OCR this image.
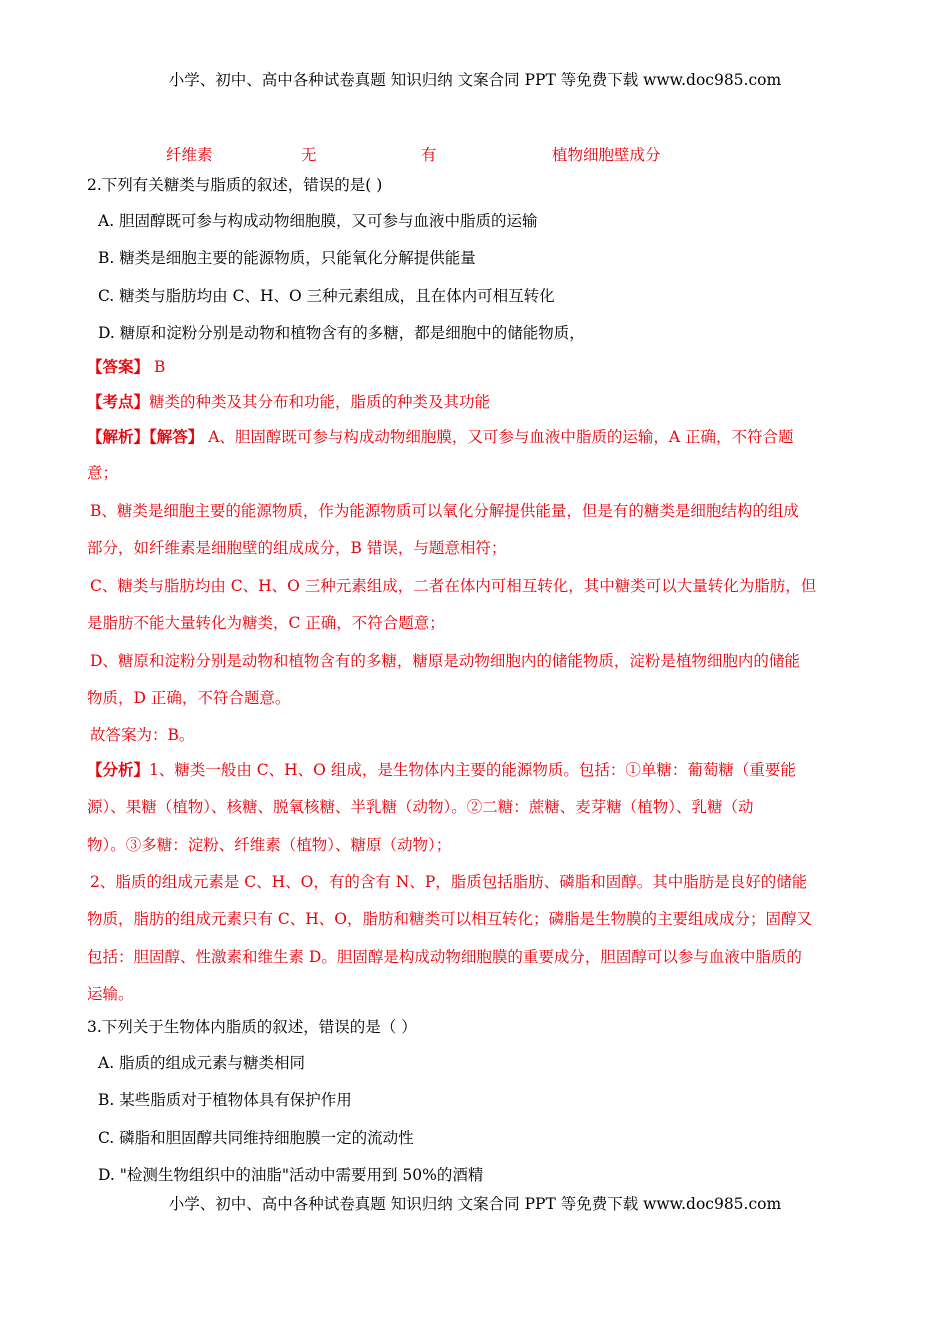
小学、初中、高中各种试卷真题 知识归纳 文案合同 PPT 等免费下载 www.doc985.com
纤维素	无	有	植物细胞壁成分
2.下列有关糖类与脂质的叙述，错误的是( )
A. 胆固醇既可参与构成动物细胞膜，又可参与血液中脂质的运输
B. 糖类是细胞主要的能源物质，只能氧化分解提供能量
C. 糖类与脂肪均由 C、H、O 三种元素组成，且在体内可相互转化
D. 糖原和淀粉分别是动物和植物含有的多糖，都是细胞中的储能物质，
【答案】 B
【考点】糖类的种类及其分布和功能，脂质的种类及其功能
【解析】【解答】 A、胆固醇既可参与构成动物细胞膜，又可参与血液中脂质的运输，A 正确，不符合题
意；
B、糖类是细胞主要的能源物质，作为能源物质可以氧化分解提供能量，但是有的糖类是细胞结构的组成
部分，如纤维素是细胞壁的组成成分，B 错误，与题意相符；
C、糖类与脂肪均由 C、H、O 三种元素组成，二者在体内可相互转化，其中糖类可以大量转化为脂肪，但
是脂肪不能大量转化为糖类，C 正确，不符合题意；
D、糖原和淀粉分别是动物和植物含有的多糖，糖原是动物细胞内的储能物质，淀粉是植物细胞内的储能
物质，D 正确，不符合题意。
故答案为：B。
【分析】1、糖类一般由 C、H、O 组成，是生物体内主要的能源物质。包括：①单糖：葡萄糖（重要能
源）、果糖（植物）、核糖、脱氧核糖、半乳糖（动物）。②二糖：蔗糖、麦芽糖（植物）、乳糖（动
物）。③多糖：淀粉、纤维素（植物）、糖原（动物）；
2、脂质的组成元素是 C、H、O，有的含有 N、P，脂质包括脂肪、磷脂和固醇。其中脂肪是良好的储能
物质，脂肪的组成元素只有 C、H、O，脂肪和糖类可以相互转化；磷脂是生物膜的主要组成成分；固醇又
包括：胆固醇、性激素和维生素 D。胆固醇是构成动物细胞膜的重要成分，胆固醇可以参与血液中脂质的
运输。
3.下列关于生物体内脂质的叙述，错误的是（ ）
A. 脂质的组成元素与糖类相同
B. 某些脂质对于植物体具有保护作用
C. 磷脂和胆固醇共同维持细胞膜一定的流动性
D. "检测生物组织中的油脂"活动中需要用到 50%的酒精
小学、初中、高中各种试卷真题 知识归纳 文案合同 PPT 等免费下载 www.doc985.com
